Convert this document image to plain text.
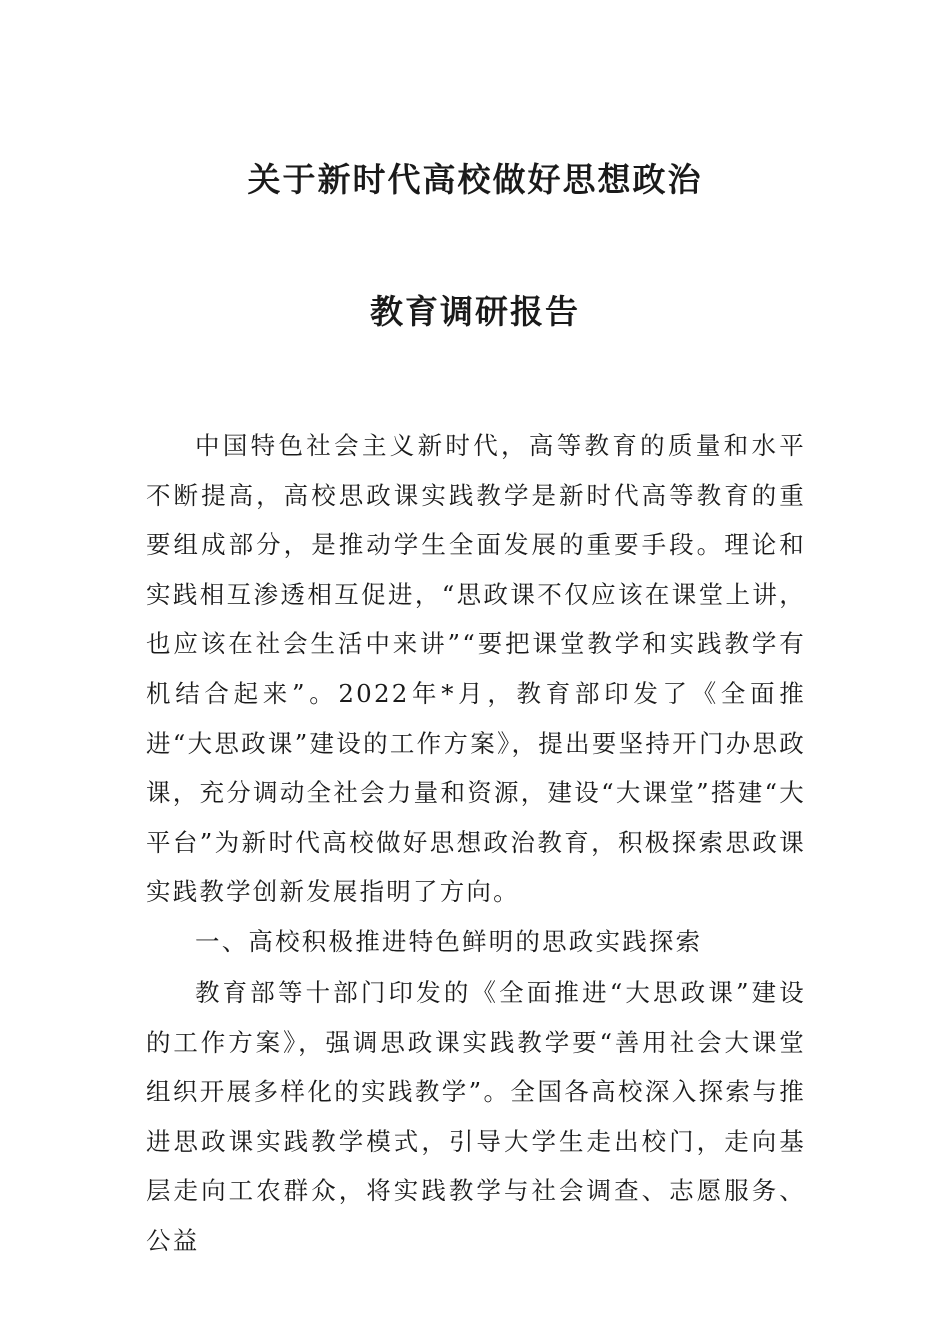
关于新时代高校做好思想政治
教育调研报告

中国特色社会主义新时代，高等教育的质量和水平不断提高，高校思政课实践教学是新时代高等教育的重要组成部分，是推动学生全面发展的重要手段。理论和实践相互渗透相互促进，“思政课不仅应该在课堂上讲，也应该在社会生活中来讲”“要把课堂教学和实践教学有机结合起来”。2022年*月，教育部印发了《全面推进“大思政课”建设的工作方案》，提出要坚持开门办思政课，充分调动全社会力量和资源，建设“大课堂”搭建“大平台”为新时代高校做好思想政治教育，积极探索思政课实践教学创新发展指明了方向。

一、高校积极推进特色鲜明的思政实践探索

教育部等十部门印发的《全面推进“大思政课”建设的工作方案》，强调思政课实践教学要“善用社会大课堂组织开展多样化的实践教学”。全国各高校深入探索与推进思政课实践教学模式，引导大学生走出校门，走向基层走向工农群众，将实践教学与社会调查、志愿服务、公益
